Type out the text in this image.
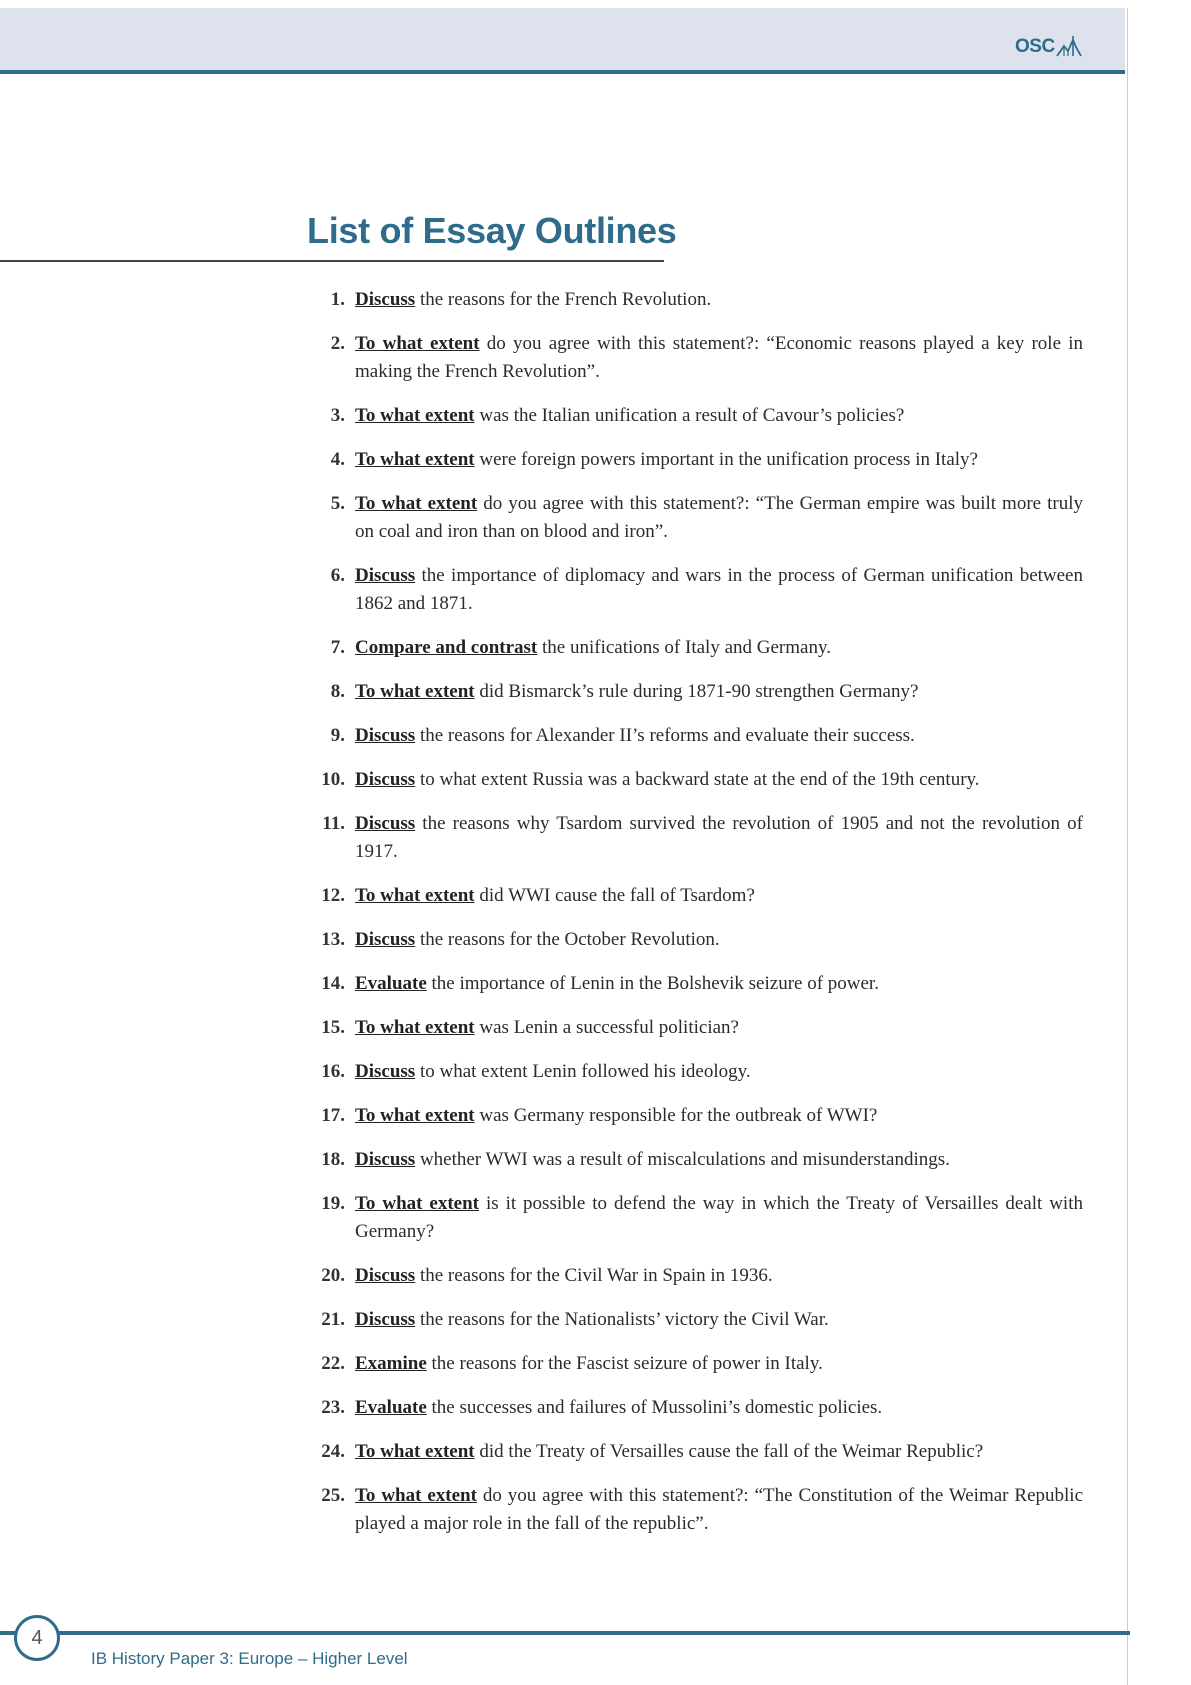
OSC
List of Essay Outlines
1. Discuss the reasons for the French Revolution.
2. To what extent do you agree with this statement?: “Economic reasons played a key role in making the French Revolution”.
3. To what extent was the Italian unification a result of Cavour’s policies?
4. To what extent were foreign powers important in the unification process in Italy?
5. To what extent do you agree with this statement?: “The German empire was built more truly on coal and iron than on blood and iron”.
6. Discuss the importance of diplomacy and wars in the process of German unification between 1862 and 1871.
7. Compare and contrast the unifications of Italy and Germany.
8. To what extent did Bismarck’s rule during 1871-90 strengthen Germany?
9. Discuss the reasons for Alexander II’s reforms and evaluate their success.
10. Discuss to what extent Russia was a backward state at the end of the 19th century.
11. Discuss the reasons why Tsardom survived the revolution of 1905 and not the revolution of 1917.
12. To what extent did WWI cause the fall of Tsardom?
13. Discuss the reasons for the October Revolution.
14. Evaluate the importance of Lenin in the Bolshevik seizure of power.
15. To what extent was Lenin a successful politician?
16. Discuss to what extent Lenin followed his ideology.
17. To what extent was Germany responsible for the outbreak of WWI?
18. Discuss whether WWI was a result of miscalculations and misunderstandings.
19. To what extent is it possible to defend the way in which the Treaty of Versailles dealt with Germany?
20. Discuss the reasons for the Civil War in Spain in 1936.
21. Discuss the reasons for the Nationalists’ victory the Civil War.
22. Examine the reasons for the Fascist seizure of power in Italy.
23. Evaluate the successes and failures of Mussolini’s domestic policies.
24. To what extent did the Treaty of Versailles cause the fall of the Weimar Republic?
25. To what extent do you agree with this statement?: “The Constitution of the Weimar Republic played a major role in the fall of the republic”.
4
IB History Paper 3: Europe – Higher Level
